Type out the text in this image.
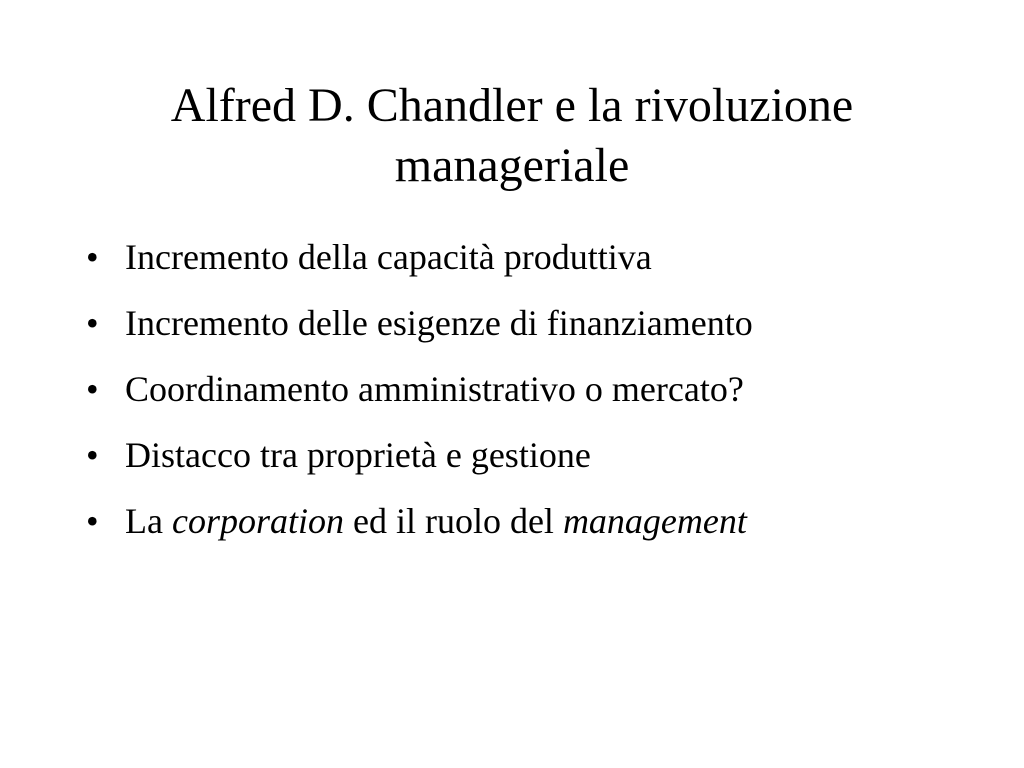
Alfred D. Chandler e la rivoluzione
manageriale
• Incremento della capacità produttiva
• Incremento delle esigenze di finanziamento
• Coordinamento amministrativo o mercato?
• Distacco tra proprietà e gestione
• La corporation ed il ruolo del management
